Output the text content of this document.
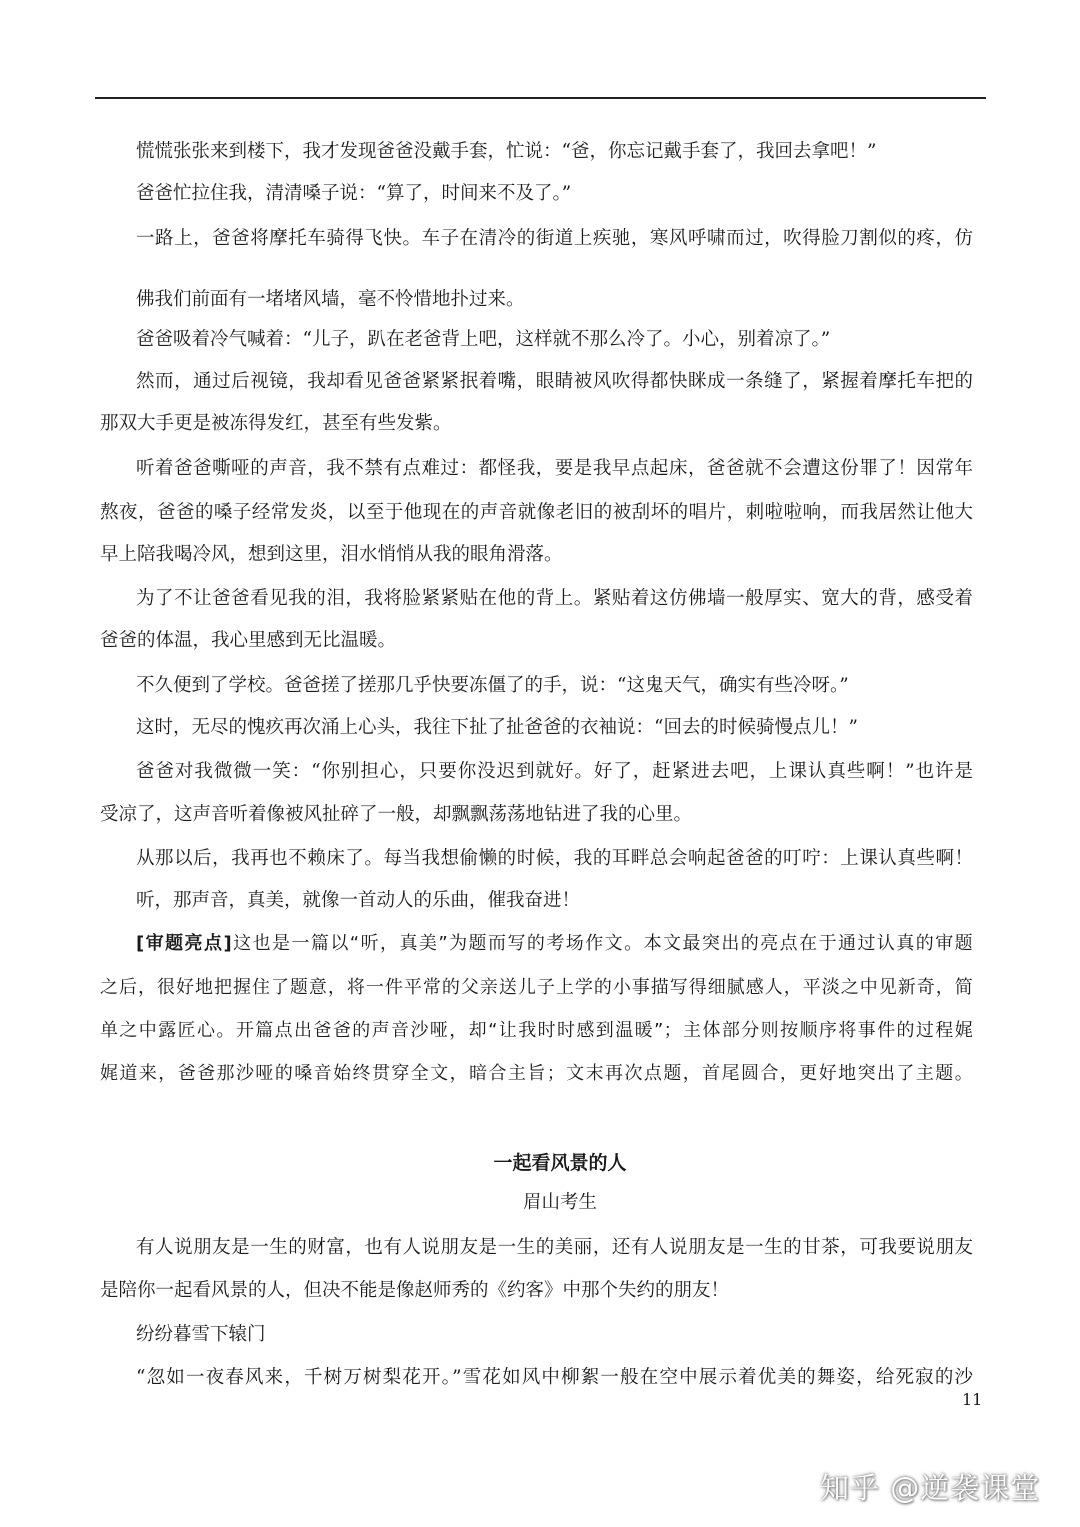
慌慌张张来到楼下，我才发现爸爸没戴手套，忙说：“爸，你忘记戴手套了，我回去拿吧！”

爸爸忙拉住我，清清嗓子说：“算了，时间来不及了。”

一路上，爸爸将摩托车骑得飞快。车子在清冷的街道上疾驰，寒风呼啸而过，吹得脸刀割似的疼，仿

佛我们前面有一堵堵风墙，毫不怜惜地扑过来。

爸爸吸着冷气喊着：“儿子，趴在老爸背上吧，这样就不那么冷了。小心，别着凉了。”

然而，通过后视镜，我却看见爸爸紧紧抿着嘴，眼睛被风吹得都快眯成一条缝了，紧握着摩托车把的

那双大手更是被冻得发红，甚至有些发紫。

听着爸爸嘶哑的声音，我不禁有点难过：都怪我，要是我早点起床，爸爸就不会遭这份罪了！因常年

熬夜，爸爸的嗓子经常发炎，以至于他现在的声音就像老旧的被刮坏的唱片，刺啦啦响，而我居然让他大

早上陪我喝冷风，想到这里，泪水悄悄从我的眼角滑落。

为了不让爸爸看见我的泪，我将脸紧紧贴在他的背上。紧贴着这仿佛墙一般厚实、宽大的背，感受着

爸爸的体温，我心里感到无比温暖。

不久便到了学校。爸爸搓了搓那几乎快要冻僵了的手，说：“这鬼天气，确实有些冷呀。”

这时，无尽的愧疚再次涌上心头，我往下扯了扯爸爸的衣袖说：“回去的时候骑慢点儿！”

爸爸对我微微一笑：“你别担心，只要你没迟到就好。好了，赶紧进去吧，上课认真些啊！”也许是

受凉了，这声音听着像被风扯碎了一般，却飘飘荡荡地钻进了我的心里。

从那以后，我再也不赖床了。每当我想偷懒的时候，我的耳畔总会响起爸爸的叮咛：上课认真些啊！

听，那声音，真美，就像一首动人的乐曲，催我奋进！

[审题亮点]这也是一篇以“听，真美”为题而写的考场作文。本文最突出的亮点在于通过认真的审题

之后，很好地把握住了题意，将一件平常的父亲送儿子上学的小事描写得细腻感人，平淡之中见新奇，简

单之中露匠心。开篇点出爸爸的声音沙哑，却“让我时时感到温暖”；主体部分则按顺序将事件的过程娓

娓道来，爸爸那沙哑的嗓音始终贯穿全文，暗合主旨；文末再次点题，首尾圆合，更好地突出了主题。

一起看风景的人

眉山考生

有人说朋友是一生的财富，也有人说朋友是一生的美丽，还有人说朋友是一生的甘茶，可我要说朋友

是陪你一起看风景的人，但决不能是像赵师秀的《约客》中那个失约的朋友！

纷纷暮雪下辕门

“忽如一夜春风来，千树万树梨花开。”雪花如风中柳絮一般在空中展示着优美的舞姿，给死寂的沙

11

知乎 @逆袭课堂
